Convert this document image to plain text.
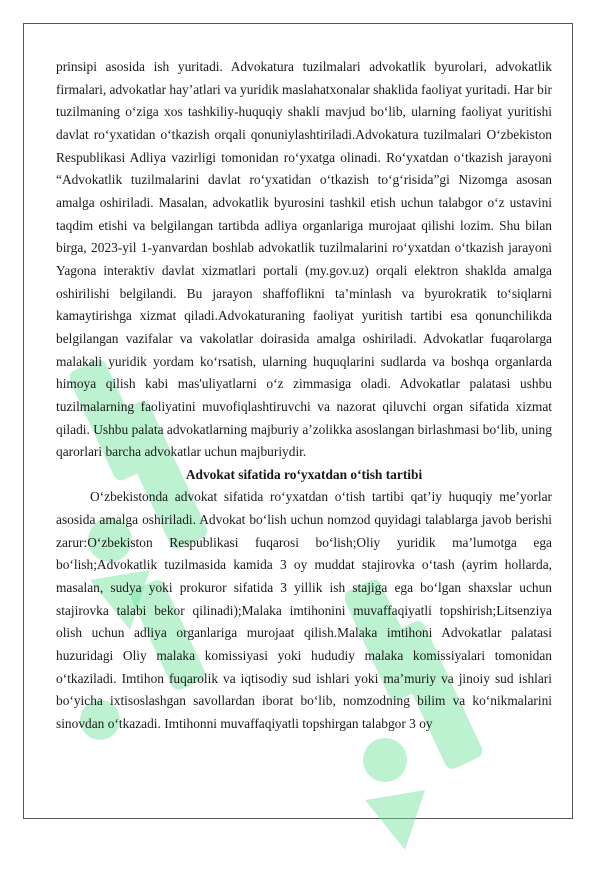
prinsipi asosida ish yuritadi. Advokatura tuzilmalari advokatlik byurolari, advokatlik firmalari, advokatlar hay’atlari va yuridik maslahatxonalar shaklida faoliyat yuritadi. Har bir tuzilmaning o‘ziga xos tashkiliy-huquqiy shakli mavjud bo‘lib, ularning faoliyat yuritishi davlat ro‘yxatidan o‘tkazish orqali qonuniylashtiriladi.Advokatura tuzilmalari O‘zbekiston Respublikasi Adliya vazirligi tomonidan ro‘yxatga olinadi. Ro‘yxatdan o‘tkazish jarayoni “Advokatlik tuzilmalarini davlat ro‘yxatidan o‘tkazish to‘g‘risida”gi Nizomga asosan amalga oshiriladi. Masalan, advokatlik byurosini tashkil etish uchun talabgor o‘z ustavini taqdim etishi va belgilangan tartibda adliya organlariga murojaat qilishi lozim. Shu bilan birga, 2023-yil 1-yanvardan boshlab advokatlik tuzilmalarini ro‘yxatdan o‘tkazish jarayoni Yagona interaktiv davlat xizmatlari portali (my.gov.uz) orqali elektron shaklda amalga oshirilishi belgilandi. Bu jarayon shaffoflikni ta’minlash va byurokratik to‘siqlarni kamaytirishga xizmat qiladi.Advokaturaning faoliyat yuritish tartibi esa qonunchilikda belgilangan vazifalar va vakolatlar doirasida amalga oshiriladi. Advokatlar fuqarolarga malakali yuridik yordam ko‘rsatish, ularning huquqlarini sudlarda va boshqa organlarda himoya qilish kabi mas'uliyatlarni o‘z zimmasiga oladi. Advokatlar palatasi ushbu tuzilmalarning faoliyatini muvofiqlashtiruvchi va nazorat qiluvchi organ sifatida xizmat qiladi. Ushbu palata advokatlarning majburiy a’zolikka asoslangan birlashmasi bo‘lib, uning qarorlari barcha advokatlar uchun majburiydir.

Advokat sifatida ro‘yxatdan o‘tish tartibi

O‘zbekistonda advokat sifatida ro‘yxatdan o‘tish tartibi qat’iy huquqiy me’yorlar asosida amalga oshiriladi. Advokat bo‘lish uchun nomzod quyidagi talablarga javob berishi zarur:O‘zbekiston Respublikasi fuqarosi bo‘lish;Oliy yuridik ma’lumotga ega bo‘lish;Advokatlik tuzilmasida kamida 3 oy muddat stajirovka o‘tash (ayrim hollarda, masalan, sudya yoki prokuror sifatida 3 yillik ish stajiga ega bo‘lgan shaxslar uchun stajirovka talabi bekor qilinadi);Malaka imtihonini muvaffaqiyatli topshirish;Litsenziya olish uchun adliya organlariga murojaat qilish.Malaka imtihoni Advokatlar palatasi huzuridagi Oliy malaka komissiyasi yoki hududiy malaka komissiyalari tomonidan o‘tkaziladi. Imtihon fuqarolik va iqtisodiy sud ishlari yoki ma’muriy va jinoiy sud ishlari bo‘yicha ixtisoslashgan savollardan iborat bo‘lib, nomzodning bilim va ko‘nikmalarini sinovdan o‘tkazadi. Imtihonni muvaffaqiyatli topshirgan talabgor 3 oy
